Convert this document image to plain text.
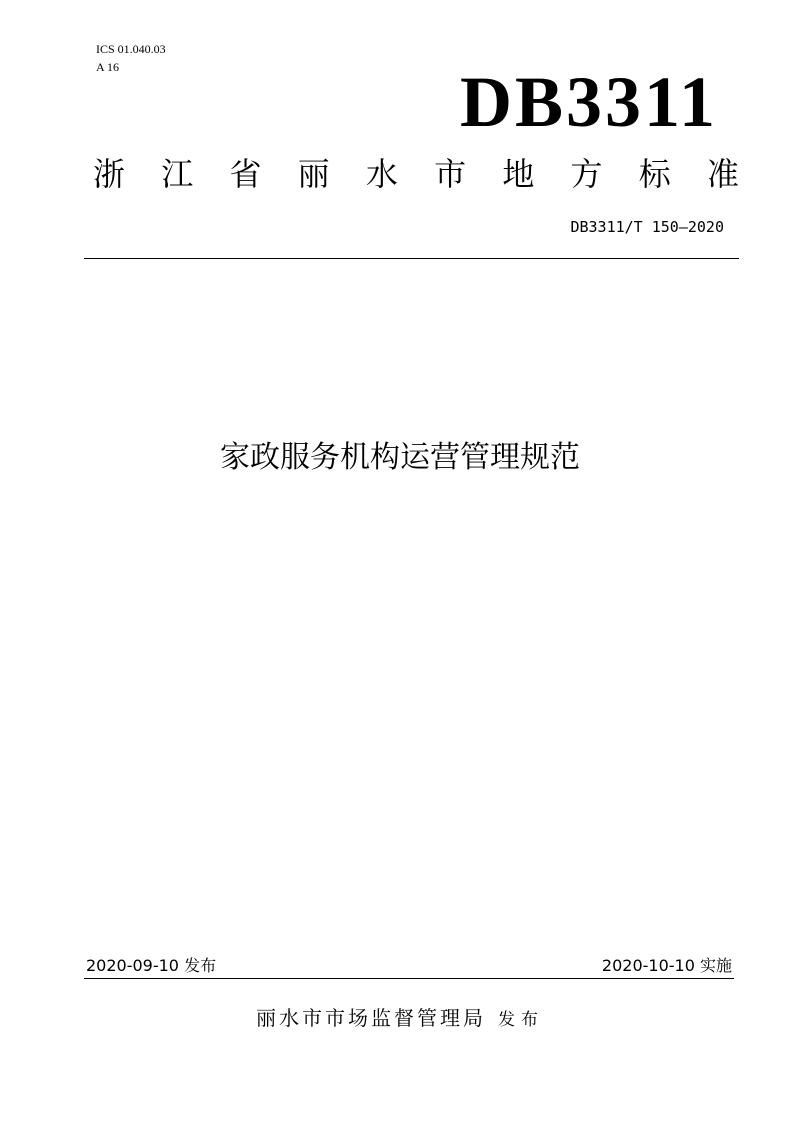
ICS 01.040.03
A 16	DB3311
浙 江 省 丽 水 市 地 方 标 准
DB3311/T 150—2020
家政服务机构运营管理规范
2020-09-10 发布	2020-10-10 实施
丽水市市场监督管理局 发布
